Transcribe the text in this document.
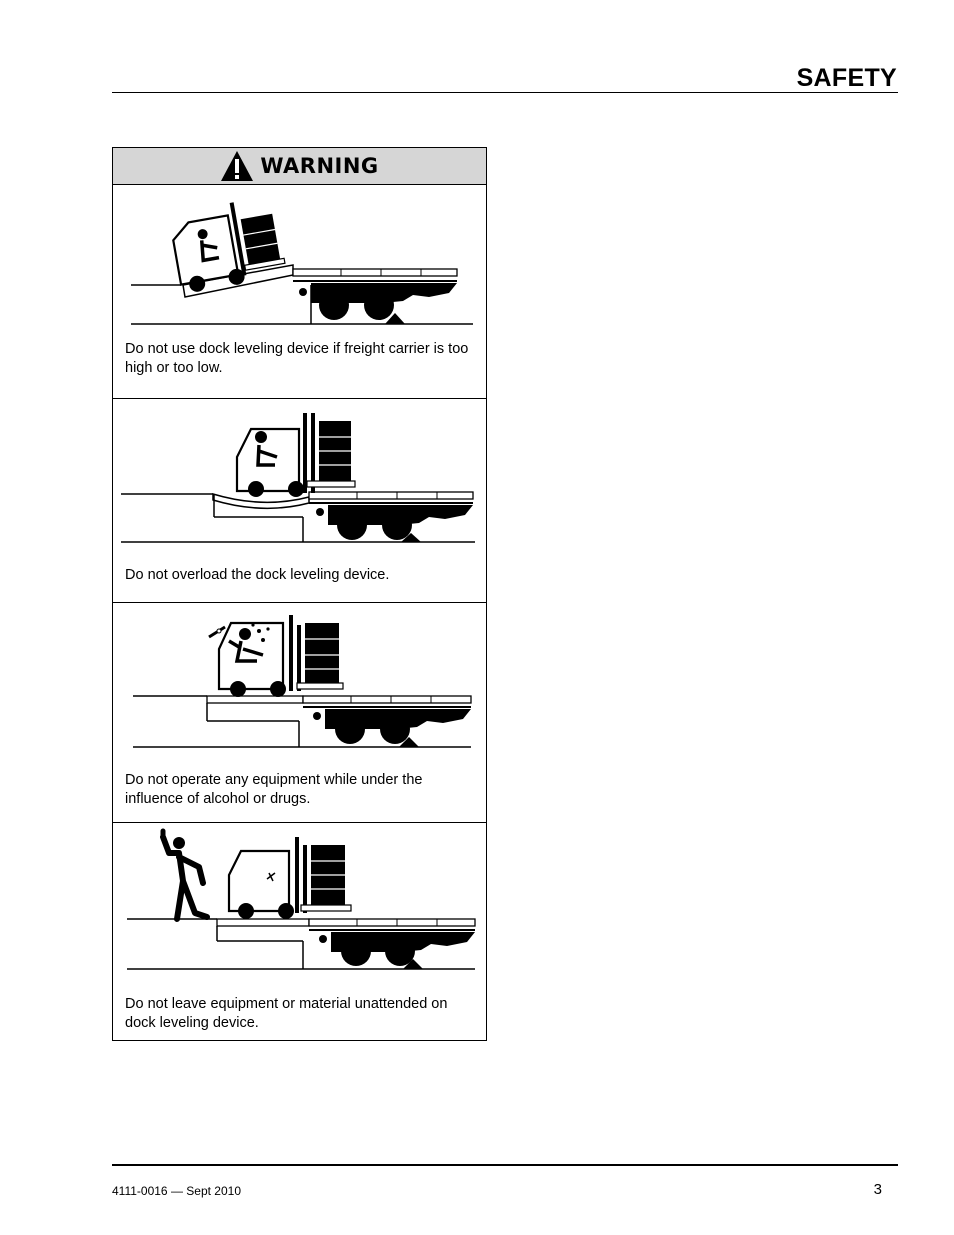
SAFETY
WARNING
Do not use dock leveling device if freight carrier is too high or too low.
Do not overload the dock leveling device.
Do not operate any equipment while under the influence of alcohol or drugs.
Do not leave equipment or material unattended on dock leveling device.
4111-0016 — Sept 2010	3
